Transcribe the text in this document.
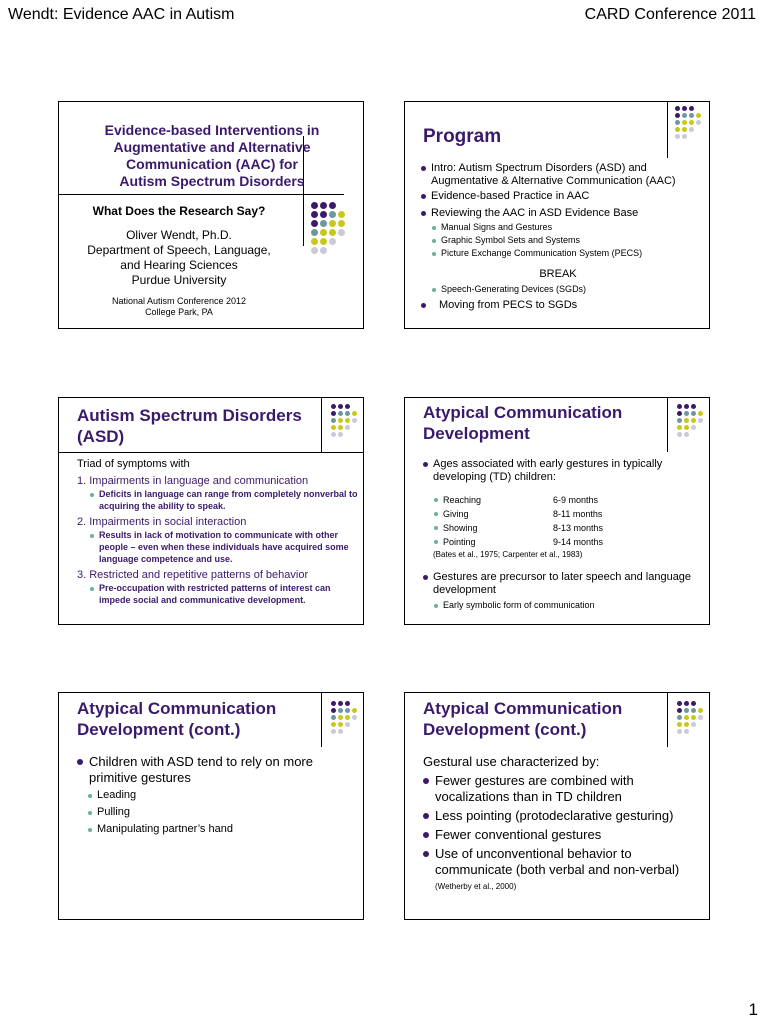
Wendt: Evidence AAC in Autism	CARD Conference 2011
Evidence-based Interventions in
Augmentative and Alternative
Communication (AAC) for
Autism Spectrum Disorders
What Does the Research Say?
Oliver Wendt, Ph.D.
Department of Speech, Language,
and Hearing Sciences
Purdue University
National Autism Conference 2012
College Park, PA
Program
Intro: Autism Spectrum Disorders (ASD) and Augmentative & Alternative Communication (AAC)
Evidence-based Practice in AAC
Reviewing the AAC in ASD Evidence Base
Manual Signs and Gestures
Graphic Symbol Sets and Systems
Picture Exchange Communication System (PECS)
BREAK
Speech-Generating Devices (SGDs)
Moving from PECS to SGDs
Autism Spectrum Disorders
(ASD)
Triad of symptoms with
1. Impairments in language and communication
Deficits in language can range from completely nonverbal to acquiring the ability to speak.
2. Impairments in social interaction
Results in lack of motivation to communicate with other people – even when these individuals have acquired some language competence and use.
3. Restricted and repetitive patterns of behavior
Pre-occupation with restricted patterns of interest can impede social and communicative development.
Atypical Communication
Development
Ages associated with early gestures in typically developing (TD) children:
Reaching	6-9 months
Giving	8-11 months
Showing	8-13 months
Pointing	9-14 months
(Bates et al., 1975; Carpenter et al., 1983)
Gestures are precursor to later speech and language development
Early symbolic form of communication
Atypical Communication
Development (cont.)
Children with ASD tend to rely on more primitive gestures
Leading
Pulling
Manipulating partner’s hand
Atypical Communication
Development (cont.)
Gestural use characterized by:
Fewer gestures are combined with vocalizations than in TD children
Less pointing (protodeclarative gesturing)
Fewer conventional gestures
Use of unconventional behavior to communicate (both verbal and non-verbal)
(Wetherby et al., 2000)
1
